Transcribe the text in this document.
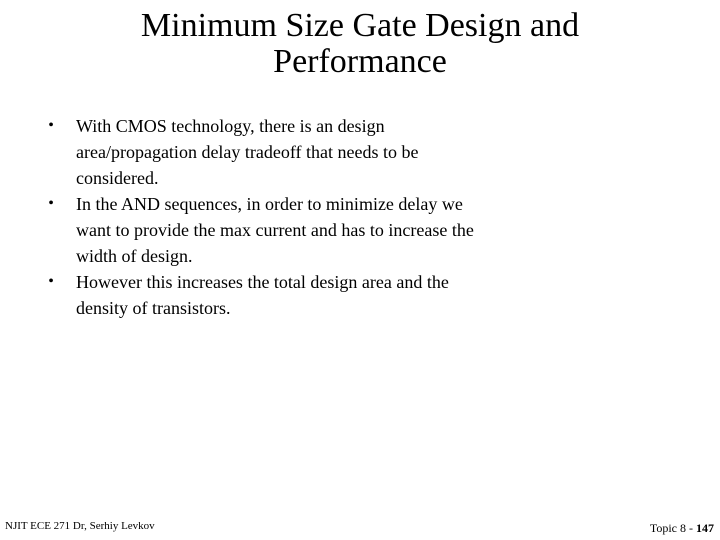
Minimum Size Gate Design and
Performance
• With CMOS technology, there is an design area/propagation delay tradeoff that needs to be considered.
• In the AND sequences, in order to minimize delay we want to provide the max current and has to increase the width of design.
• However this increases the total design area and the density of transistors.
NJIT ECE 271 Dr, Serhiy Levkov	Topic 8 - 147
